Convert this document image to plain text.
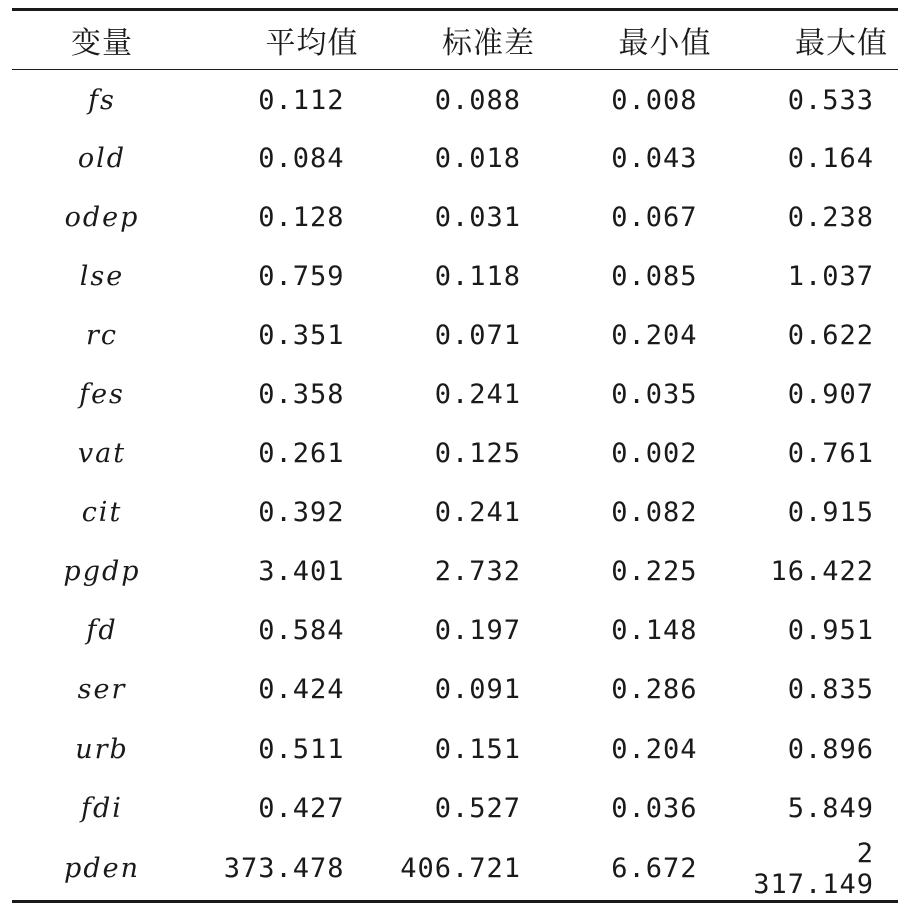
变量	平均值	标准差	最小值	最大值
fs	0.112	0.088	0.008	0.533
old	0.084	0.018	0.043	0.164
odep	0.128	0.031	0.067	0.238
lse	0.759	0.118	0.085	1.037
rc	0.351	0.071	0.204	0.622
fes	0.358	0.241	0.035	0.907
vat	0.261	0.125	0.002	0.761
cit	0.392	0.241	0.082	0.915
pgdp	3.401	2.732	0.225	16.422
fd	0.584	0.197	0.148	0.951
ser	0.424	0.091	0.286	0.835
urb	0.511	0.151	0.204	0.896
fdi	0.427	0.527	0.036	5.849
pden	373.478	406.721	6.672	2 317.149
